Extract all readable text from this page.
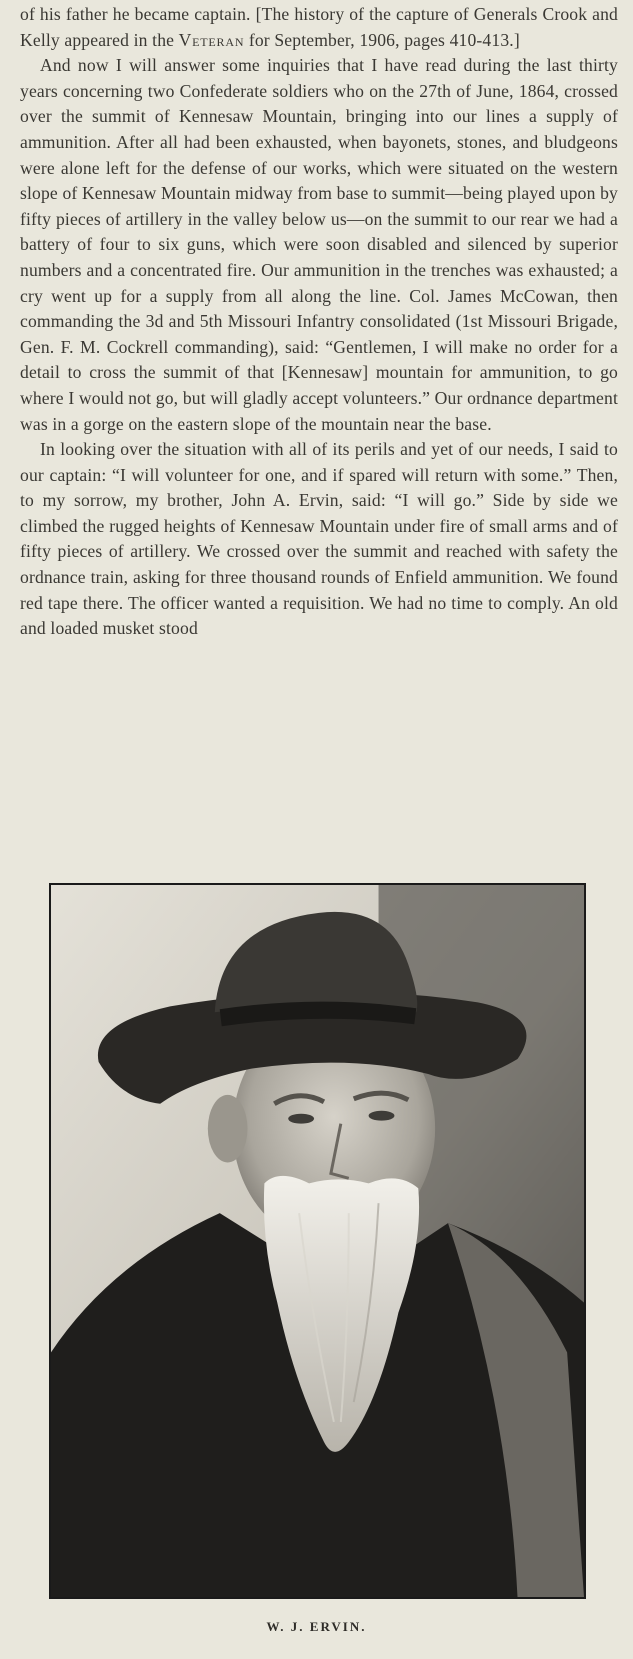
of his father he became captain. [The history of the capture of Generals Crook and Kelly appeared in the Veteran for September, 1906, pages 410-413.]

And now I will answer some inquiries that I have read during the last thirty years concerning two Confederate soldiers who on the 27th of June, 1864, crossed over the summit of Kennesaw Mountain, bringing into our lines a supply of ammunition. After all had been exhausted, when bayonets, stones, and bludgeons were alone left for the defense of our works, which were situated on the western slope of Kennesaw Mountain midway from base to summit—being played upon by fifty pieces of artillery in the valley below us—on the summit to our rear we had a battery of four to six guns, which were soon disabled and silenced by superior numbers and a concentrated fire. Our ammunition in the trenches was exhausted; a cry went up for a supply from all along the line. Col. James McCowan, then commanding the 3d and 5th Missouri Infantry consolidated (1st Missouri Brigade, Gen. F. M. Cockrell commanding), said: “Gentlemen, I will make no order for a detail to cross the summit of that [Kennesaw] mountain for ammunition, to go where I would not go, but will gladly accept volunteers.” Our ordnance department was in a gorge on the eastern slope of the mountain near the base.

In looking over the situation with all of its perils and yet of our needs, I said to our captain: “I will volunteer for one, and if spared will return with some.” Then, to my sorrow, my brother, John A. Ervin, said: “I will go.” Side by side we climbed the rugged heights of Kennesaw Mountain under fire of small arms and of fifty pieces of artillery. We crossed over the summit and reached with safety the ordnance train, asking for three thousand rounds of Enfield ammunition. We found red tape there. The officer wanted a requisition. We had no time to comply. An old and loaded musket stood

W. J. ERVIN.
